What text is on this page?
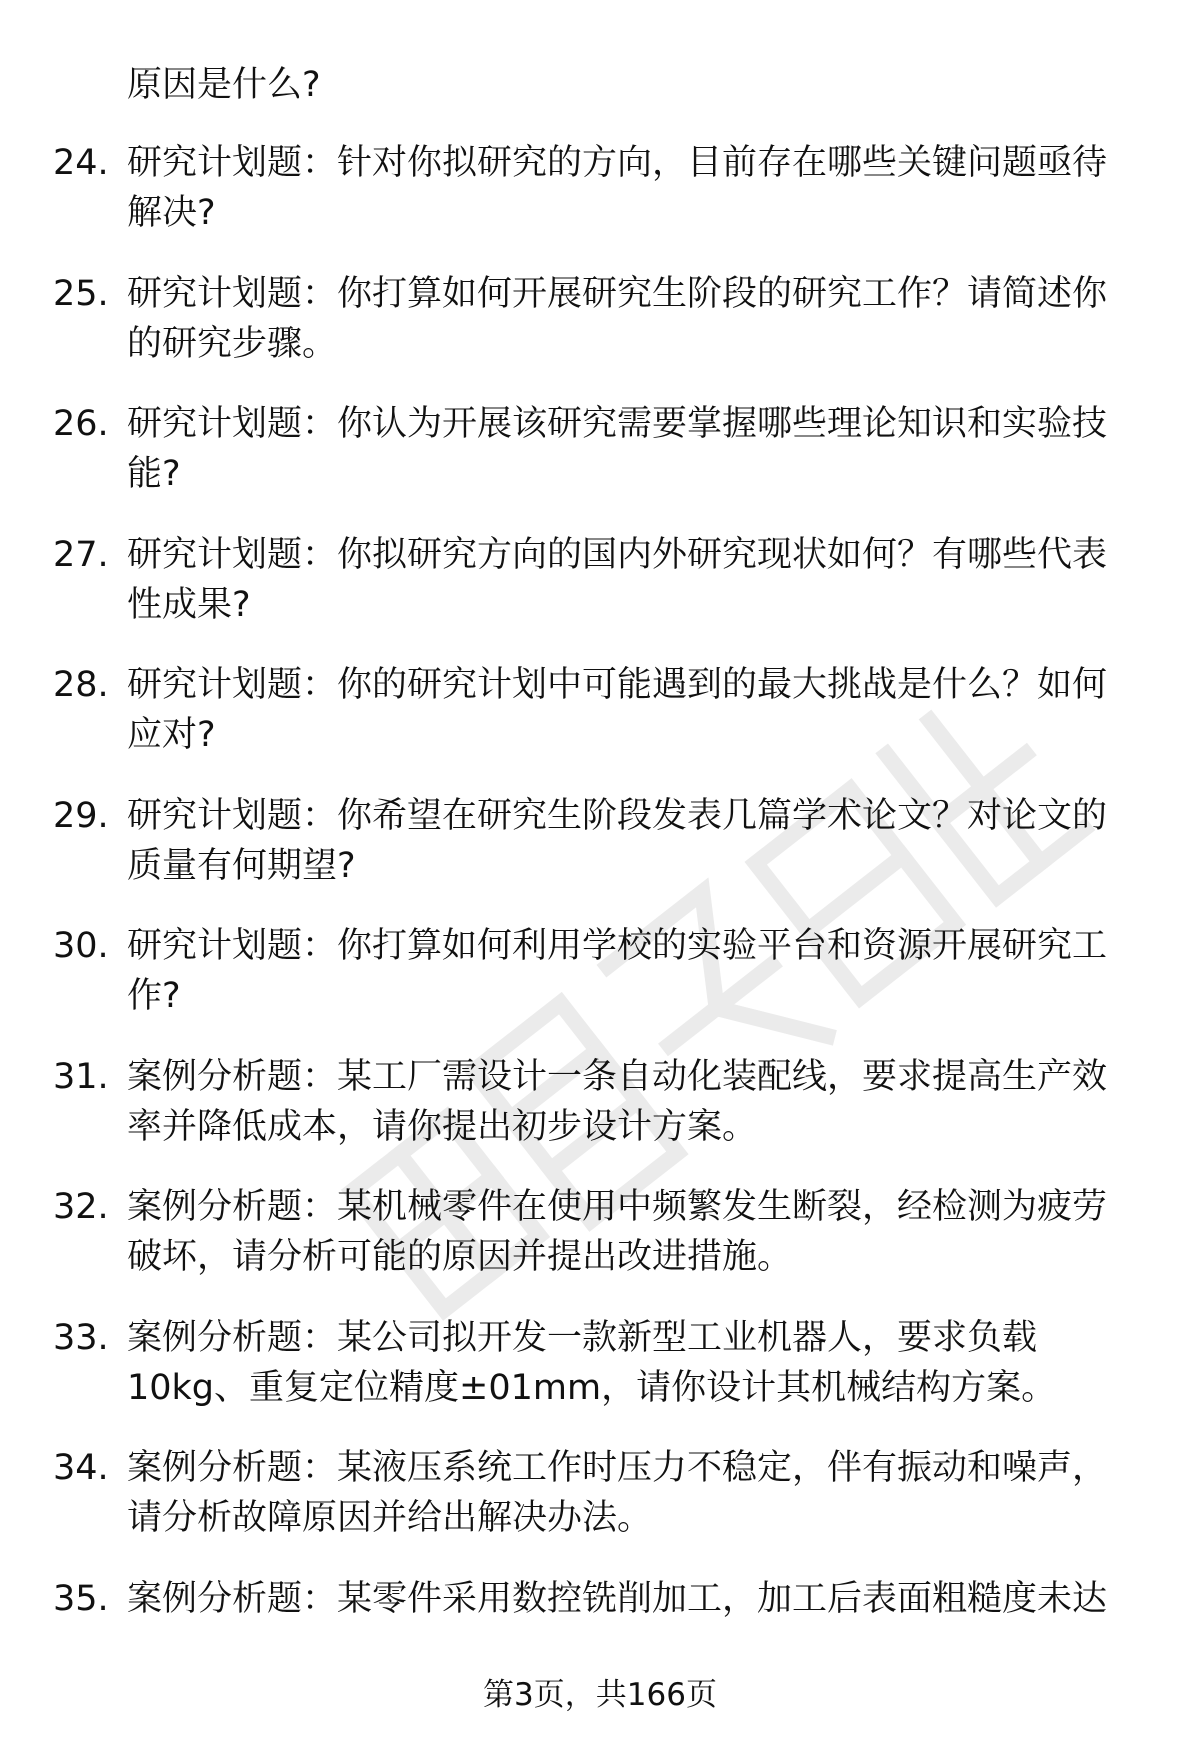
原因是什么?
24. 研究计划题：针对你拟研究的方向，目前存在哪些关键问题亟待解决?
25. 研究计划题：你打算如何开展研究生阶段的研究工作？请简述你的研究步骤。
26. 研究计划题：你认为开展该研究需要掌握哪些理论知识和实验技能?
27. 研究计划题：你拟研究方向的国内外研究现状如何？有哪些代表性成果?
28. 研究计划题：你的研究计划中可能遇到的最大挑战是什么？如何应对?
29. 研究计划题：你希望在研究生阶段发表几篇学术论文？对论文的质量有何期望?
30. 研究计划题：你打算如何利用学校的实验平台和资源开展研究工作?
31. 案例分析题：某工厂需设计一条自动化装配线，要求提高生产效率并降低成本，请你提出初步设计方案。
32. 案例分析题：某机械零件在使用中频繁发生断裂，经检测为疲劳破坏，请分析可能的原因并提出改进措施。
33. 案例分析题：某公司拟开发一款新型工业机器人，要求负载10kg、重复定位精度±01mm，请你设计其机械结构方案。
34. 案例分析题：某液压系统工作时压力不稳定，伴有振动和噪声，请分析故障原因并给出解决办法。
35. 案例分析题：某零件采用数控铣削加工，加工后表面粗糙度未达
第3页，共166页
